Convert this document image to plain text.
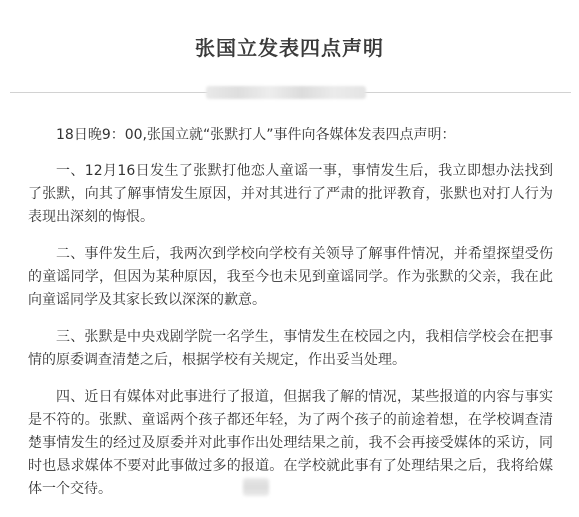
张国立发表四点声明

18日晚9：00,张国立就“张默打人”事件向各媒体发表四点声明：

一、12月16日发生了张默打他恋人童谣一事，事情发生后，我立即想办法找到了张默，向其了解事情发生原因，并对其进行了严肃的批评教育，张默也对打人行为表现出深刻的悔恨。

二、事件发生后，我两次到学校向学校有关领导了解事件情况，并希望探望受伤的童谣同学，但因为某种原因，我至今也未见到童谣同学。作为张默的父亲，我在此向童谣同学及其家长致以深深的歉意。

三、张默是中央戏剧学院一名学生，事情发生在校园之内，我相信学校会在把事情的原委调查清楚之后，根据学校有关规定，作出妥当处理。

四、近日有媒体对此事进行了报道，但据我了解的情况，某些报道的内容与事实是不符的。张默、童谣两个孩子都还年轻，为了两个孩子的前途着想，在学校调查清楚事情发生的经过及原委并对此事作出处理结果之前，我不会再接受媒体的采访，同时也恳求媒体不要对此事做过多的报道。在学校就此事有了处理结果之后，我将给媒体一个交待。
